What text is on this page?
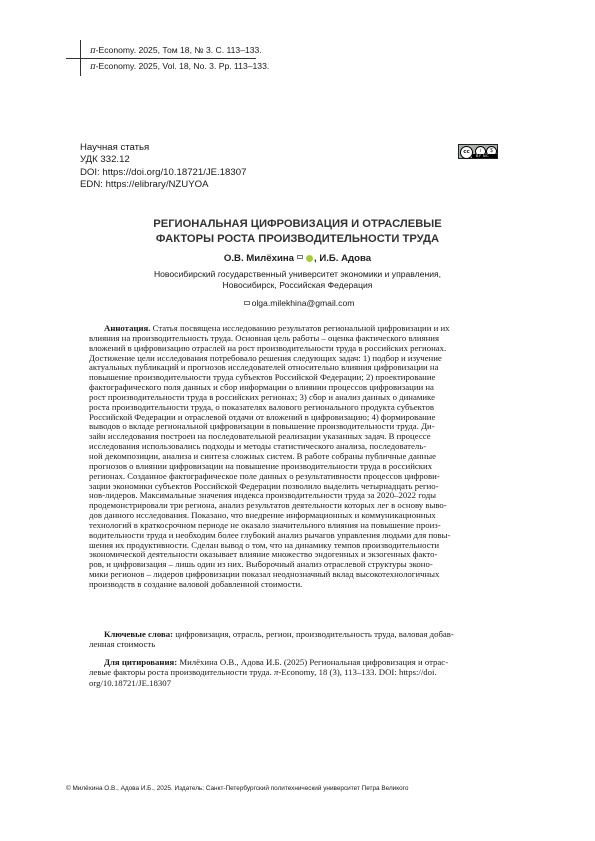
π-Economy. 2025, Том 18, № 3. С. 113–133.
π-Economy. 2025, Vol. 18, No. 3. Pp. 113–133.
Научная статья
УДК 332.12
DOI: https://doi.org/10.18721/JE.18307
EDN: https://elibrary/NZUYOA
cc	i	$
BY NC
РЕГИОНАЛЬНАЯ ЦИФРОВИЗАЦИЯ И ОТРАСЛЕВЫЕ
ФАКТОРЫ РОСТА ПРОИЗВОДИТЕЛЬНОСТИ ТРУДА
О.В. Милёхина , И.Б. Адова
Новосибирский государственный университет экономики и управления,
Новосибирск, Российская Федерация
olga.milekhina@gmail.com
Аннотация. Статья посвящена исследованию результатов региональной цифровизации и их
влияния на производительность труда. Основная цель работы – оценка фактического влияния
вложений в цифровизацию отраслей на рост производительности труда в российских регионах.
Достижение цели исследования потребовало решения следующих задач: 1) подбор и изучение
актуальных публикаций и прогнозов исследователей относительно влияния цифровизации на
повышение производительности труда субъектов Российской Федерации; 2) проектирование
фактографического поля данных и сбор информации о влиянии процессов цифровизации на
рост производительности труда в российских регионах; 3) сбор и анализ данных о динамике
роста производительности труда, о показателях валового регионального продукта субъектов
Российской Федерации и отраслевой отдачи от вложений в цифровизацию; 4) формирование
выводов о вкладе региональной цифровизации в повышение производительности труда. Ди-
зайн исследования построен на последовательной реализации указанных задач. В процессе
исследования использовались подходы и методы статистического анализа, последователь-
ной декомпозиции, анализа и синтеза сложных систем. В работе собраны публичные данные
прогнозов о влиянии цифровизации на повышение производительности труда в российских
регионах. Созданное фактографическое поле данных о результативности процессов цифрови-
зации экономики субъектов Российской Федерации позволило выделить четырнадцать регио-
нов-лидеров. Максимальные значения индекса производительности труда за 2020–2022 годы
продемонстрировали три региона, анализ результатов деятельности которых лег в основу выво-
дов данного исследования. Показано, что внедрение информационных и коммуникационных
технологий в краткосрочном периоде не оказало значительного влияния на повышение произ-
водительности труда и необходим более глубокий анализ рычагов управления людьми для повы-
шения их продуктивности. Сделан вывод о том, что на динамику темпов производительности
экономической деятельности оказывает влияние множество эндогенных и экзогенных факто-
ров, и цифровизация – лишь один из них. Выборочный анализ отраслевой структуры эконо-
мики регионов – лидеров цифровизации показал неоднозначный вклад высокотехнологичных
производств в создание валовой добавленной стоимости.
Ключевые слова: цифровизация, отрасль, регион, производительность труда, валовая добав-
ленная стоимость
Для цитирования: Милёхина О.В., Адова И.Б. (2025) Региональная цифровизация и отрас-
левые факторы роста производительности труда. π-Economy, 18 (3), 113–133. DOI: https://doi.
org/10.18721/JE.18307
© Милёхина О.В., Адова И.Б., 2025. Издатель: Санкт-Петербургский политехнический университет Петра Великого
